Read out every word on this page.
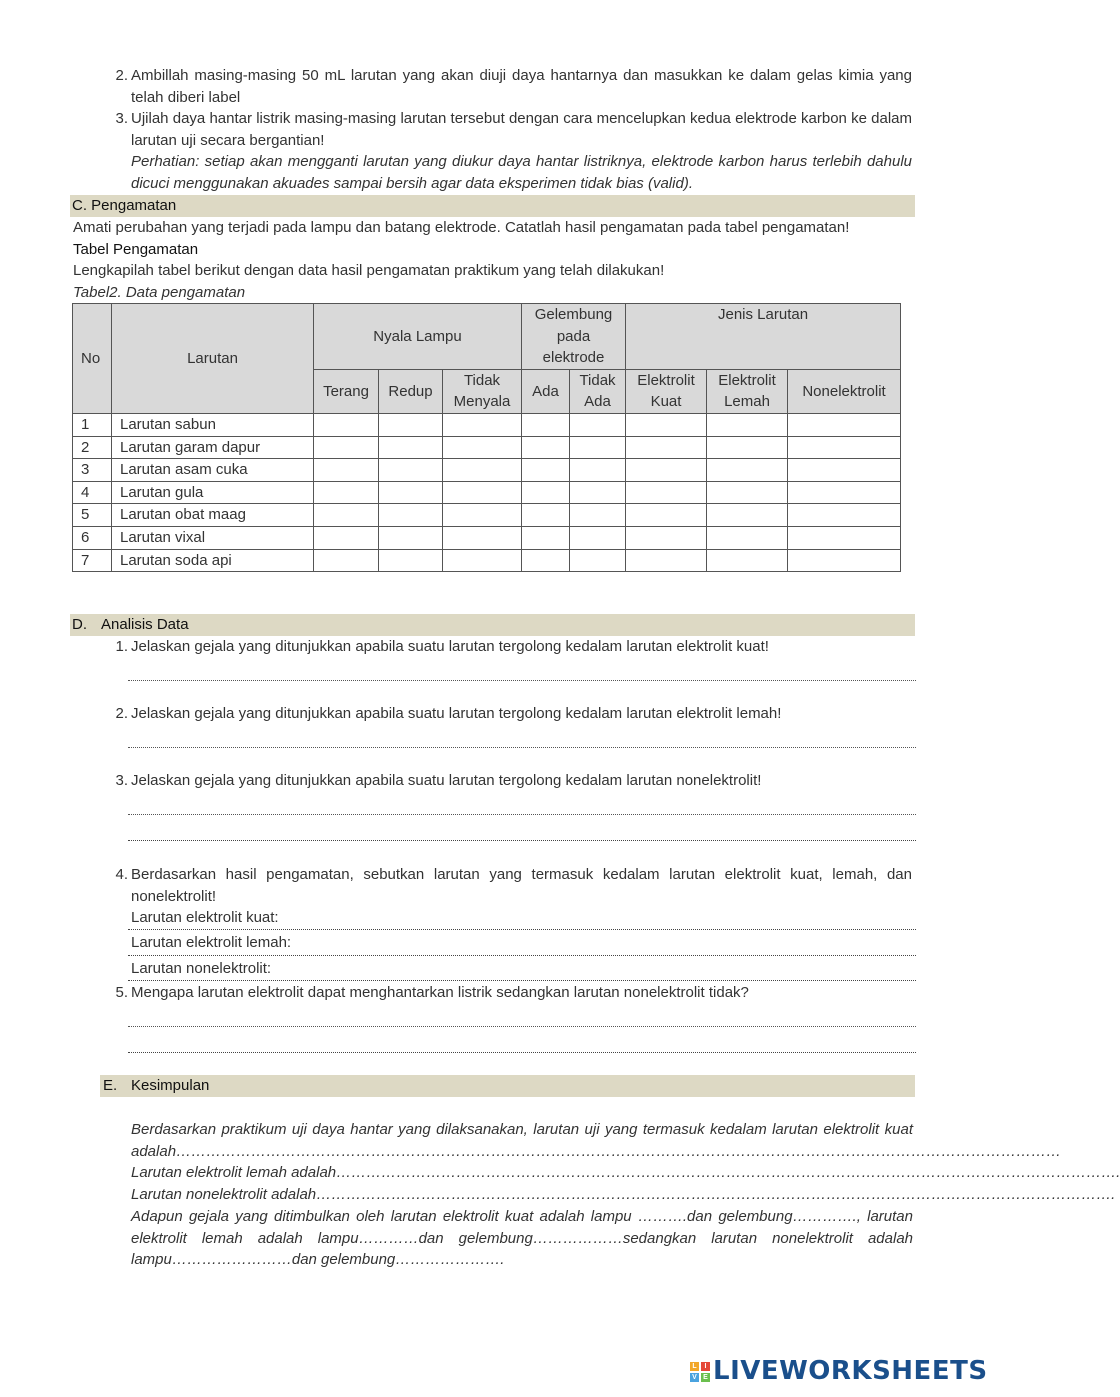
2. Ambillah masing-masing 50 mL larutan yang akan diuji daya hantarnya dan masukkan ke dalam gelas kimia yang telah diberi label
3. Ujilah daya hantar listrik masing-masing larutan tersebut dengan cara mencelupkan kedua elektrode karbon ke dalam larutan uji secara bergantian!
Perhatian: setiap akan mengganti larutan yang diukur daya hantar listriknya, elektrode karbon harus terlebih dahulu dicuci menggunakan akuades sampai bersih agar data eksperimen tidak bias (valid).
C. Pengamatan
Amati perubahan yang terjadi pada lampu dan batang elektrode. Catatlah hasil pengamatan pada tabel pengamatan!
Tabel Pengamatan
Lengkapilah tabel berikut dengan data hasil pengamatan praktikum yang telah dilakukan!
Tabel2. Data pengamatan
No	Larutan	Nyala Lampu			Gelembung pada elektrode		Jenis Larutan		
		Terang	Redup	Tidak Menyala	Ada	Tidak Ada	Elektrolit Kuat	Elektrolit Lemah	Nonelektrolit
1	Larutan sabun								
2	Larutan garam dapur								
3	Larutan asam cuka								
4	Larutan gula								
5	Larutan obat maag								
6	Larutan vixal								
7	Larutan soda api								
D. Analisis Data
1. Jelaskan gejala yang ditunjukkan apabila suatu larutan tergolong kedalam larutan elektrolit kuat!
2. Jelaskan gejala yang ditunjukkan apabila suatu larutan tergolong kedalam larutan elektrolit lemah!
3. Jelaskan gejala yang ditunjukkan apabila suatu larutan tergolong kedalam larutan nonelektrolit!
4. Berdasarkan hasil pengamatan, sebutkan larutan yang termasuk kedalam larutan elektrolit kuat, lemah, dan nonelektrolit!
Larutan elektrolit kuat:
Larutan elektrolit lemah:
Larutan nonelektrolit:
5. Mengapa larutan elektrolit dapat menghantarkan listrik sedangkan larutan nonelektrolit tidak?
E. Kesimpulan
Berdasarkan praktikum uji daya hantar yang dilaksanakan, larutan uji yang termasuk kedalam larutan elektrolit kuat adalah……………………………………………………………………………………………………………………………………………………………
Larutan elektrolit lemah adalah………………………………………………………………………………………………………………………………………….
Larutan nonelektrolit adalah…………………………………………………………………………………………………………………………………………….
Adapun gejala yang ditimbulkan oleh larutan elektrolit kuat adalah lampu ……….dan gelembung…………., larutan elektrolit lemah adalah lampu…………dan gelembung………………sedangkan larutan nonelektrolit adalah lampu……………………dan gelembung………………….
L	I
V E LIVEWORKSHEETS
